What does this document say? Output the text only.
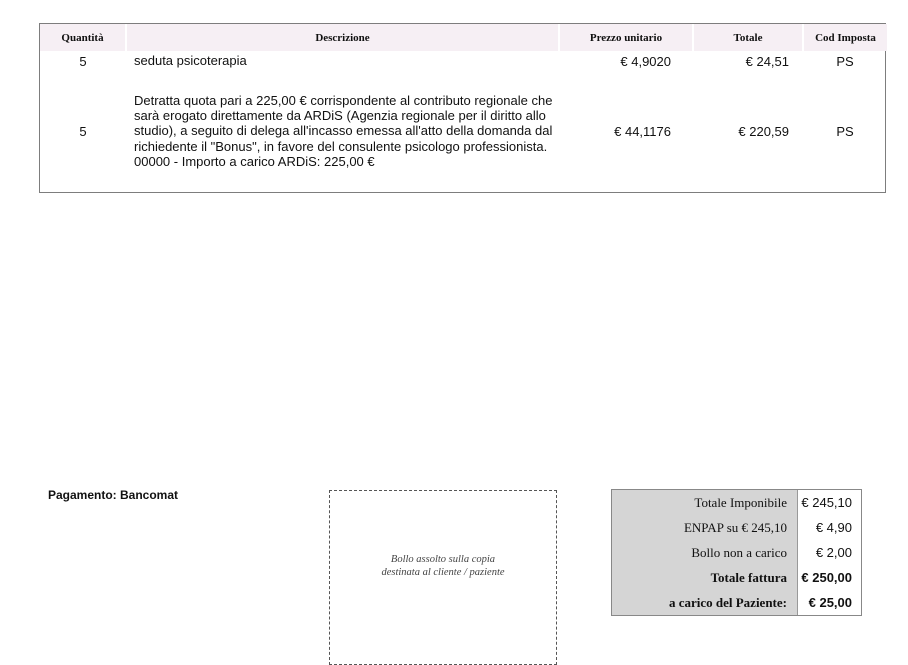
Quantità	Descrizione	Prezzo unitario	Totale	Cod Imposta
5	seduta psicoterapia	€ 4,9020	€ 24,51	PS
5	Detratta quota pari a 225,00 € corrispondente al contributo regionale che sarà erogato direttamente da ARDiS (Agenzia regionale per il diritto allo studio), a seguito di delega all'incasso emessa all'atto della domanda dal richiedente il "Bonus", in favore del consulente psicologo professionista. 00000 - Importo a carico ARDiS: 225,00 €	€ 44,1176	€ 220,59	PS
Pagamento: Bancomat
Bollo assolto sulla copia
destinata al cliente / paziente
Totale Imponibile	€ 245,10
ENPAP su € 245,10	€ 4,90
Bollo non a carico	€ 2,00
Totale fattura	€ 250,00
a carico del Paziente:	€ 25,00
